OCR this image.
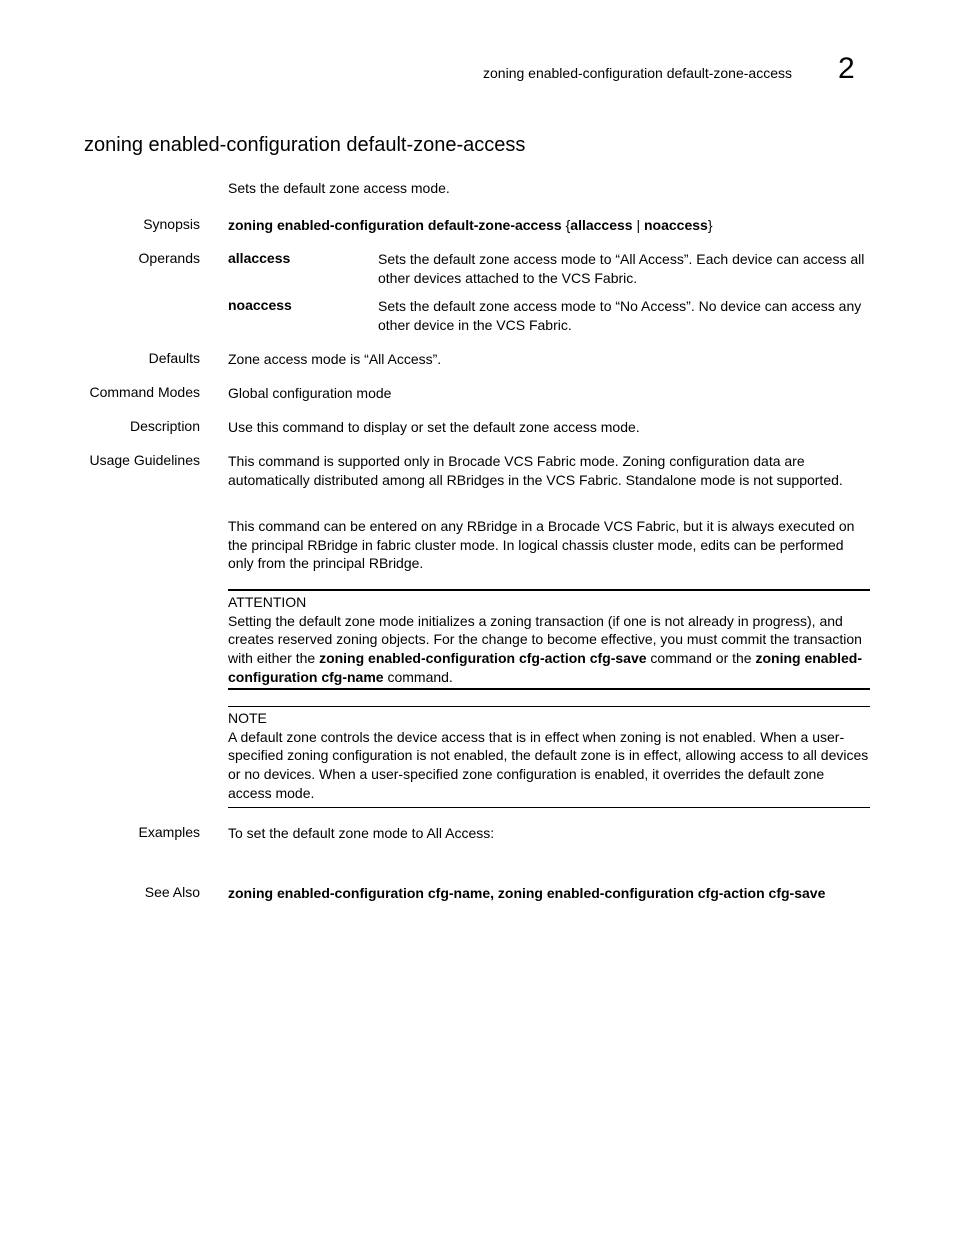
zoning enabled-configuration default-zone-access 2
zoning enabled-configuration default-zone-access
Sets the default zone access mode.
Synopsis zoning enabled-configuration default-zone-access {allaccess | noaccess}
Operands allaccess	Sets the default zone access mode to “All Access”. Each device can access all other devices attached to the VCS Fabric.
noaccess	Sets the default zone access mode to “No Access”. No device can access any other device in the VCS Fabric.
Defaults Zone access mode is “All Access”.
Command Modes Global configuration mode
Description Use this command to display or set the default zone access mode.
Usage Guidelines This command is supported only in Brocade VCS Fabric mode. Zoning configuration data are automatically distributed among all RBridges in the VCS Fabric. Standalone mode is not supported.
This command can be entered on any RBridge in a Brocade VCS Fabric, but it is always executed on the principal RBridge in fabric cluster mode. In logical chassis cluster mode, edits can be performed only from the principal RBridge.
ATTENTION

Setting the default zone mode initializes a zoning transaction (if one is not already in progress), and creates reserved zoning objects. For the change to become effective, you must commit the transaction with either the zoning enabled-configuration cfg-action cfg-save command or the zoning enabled-configuration cfg-name command.

NOTE

A default zone controls the device access that is in effect when zoning is not enabled. When a user-specified zoning configuration is not enabled, the default zone is in effect, allowing access to all devices or no devices. When a user-specified zone configuration is enabled, it overrides the default zone access mode.

Examples To set the default zone mode to All Access:
See Also zoning enabled-configuration cfg-name, zoning enabled-configuration cfg-action cfg-save
